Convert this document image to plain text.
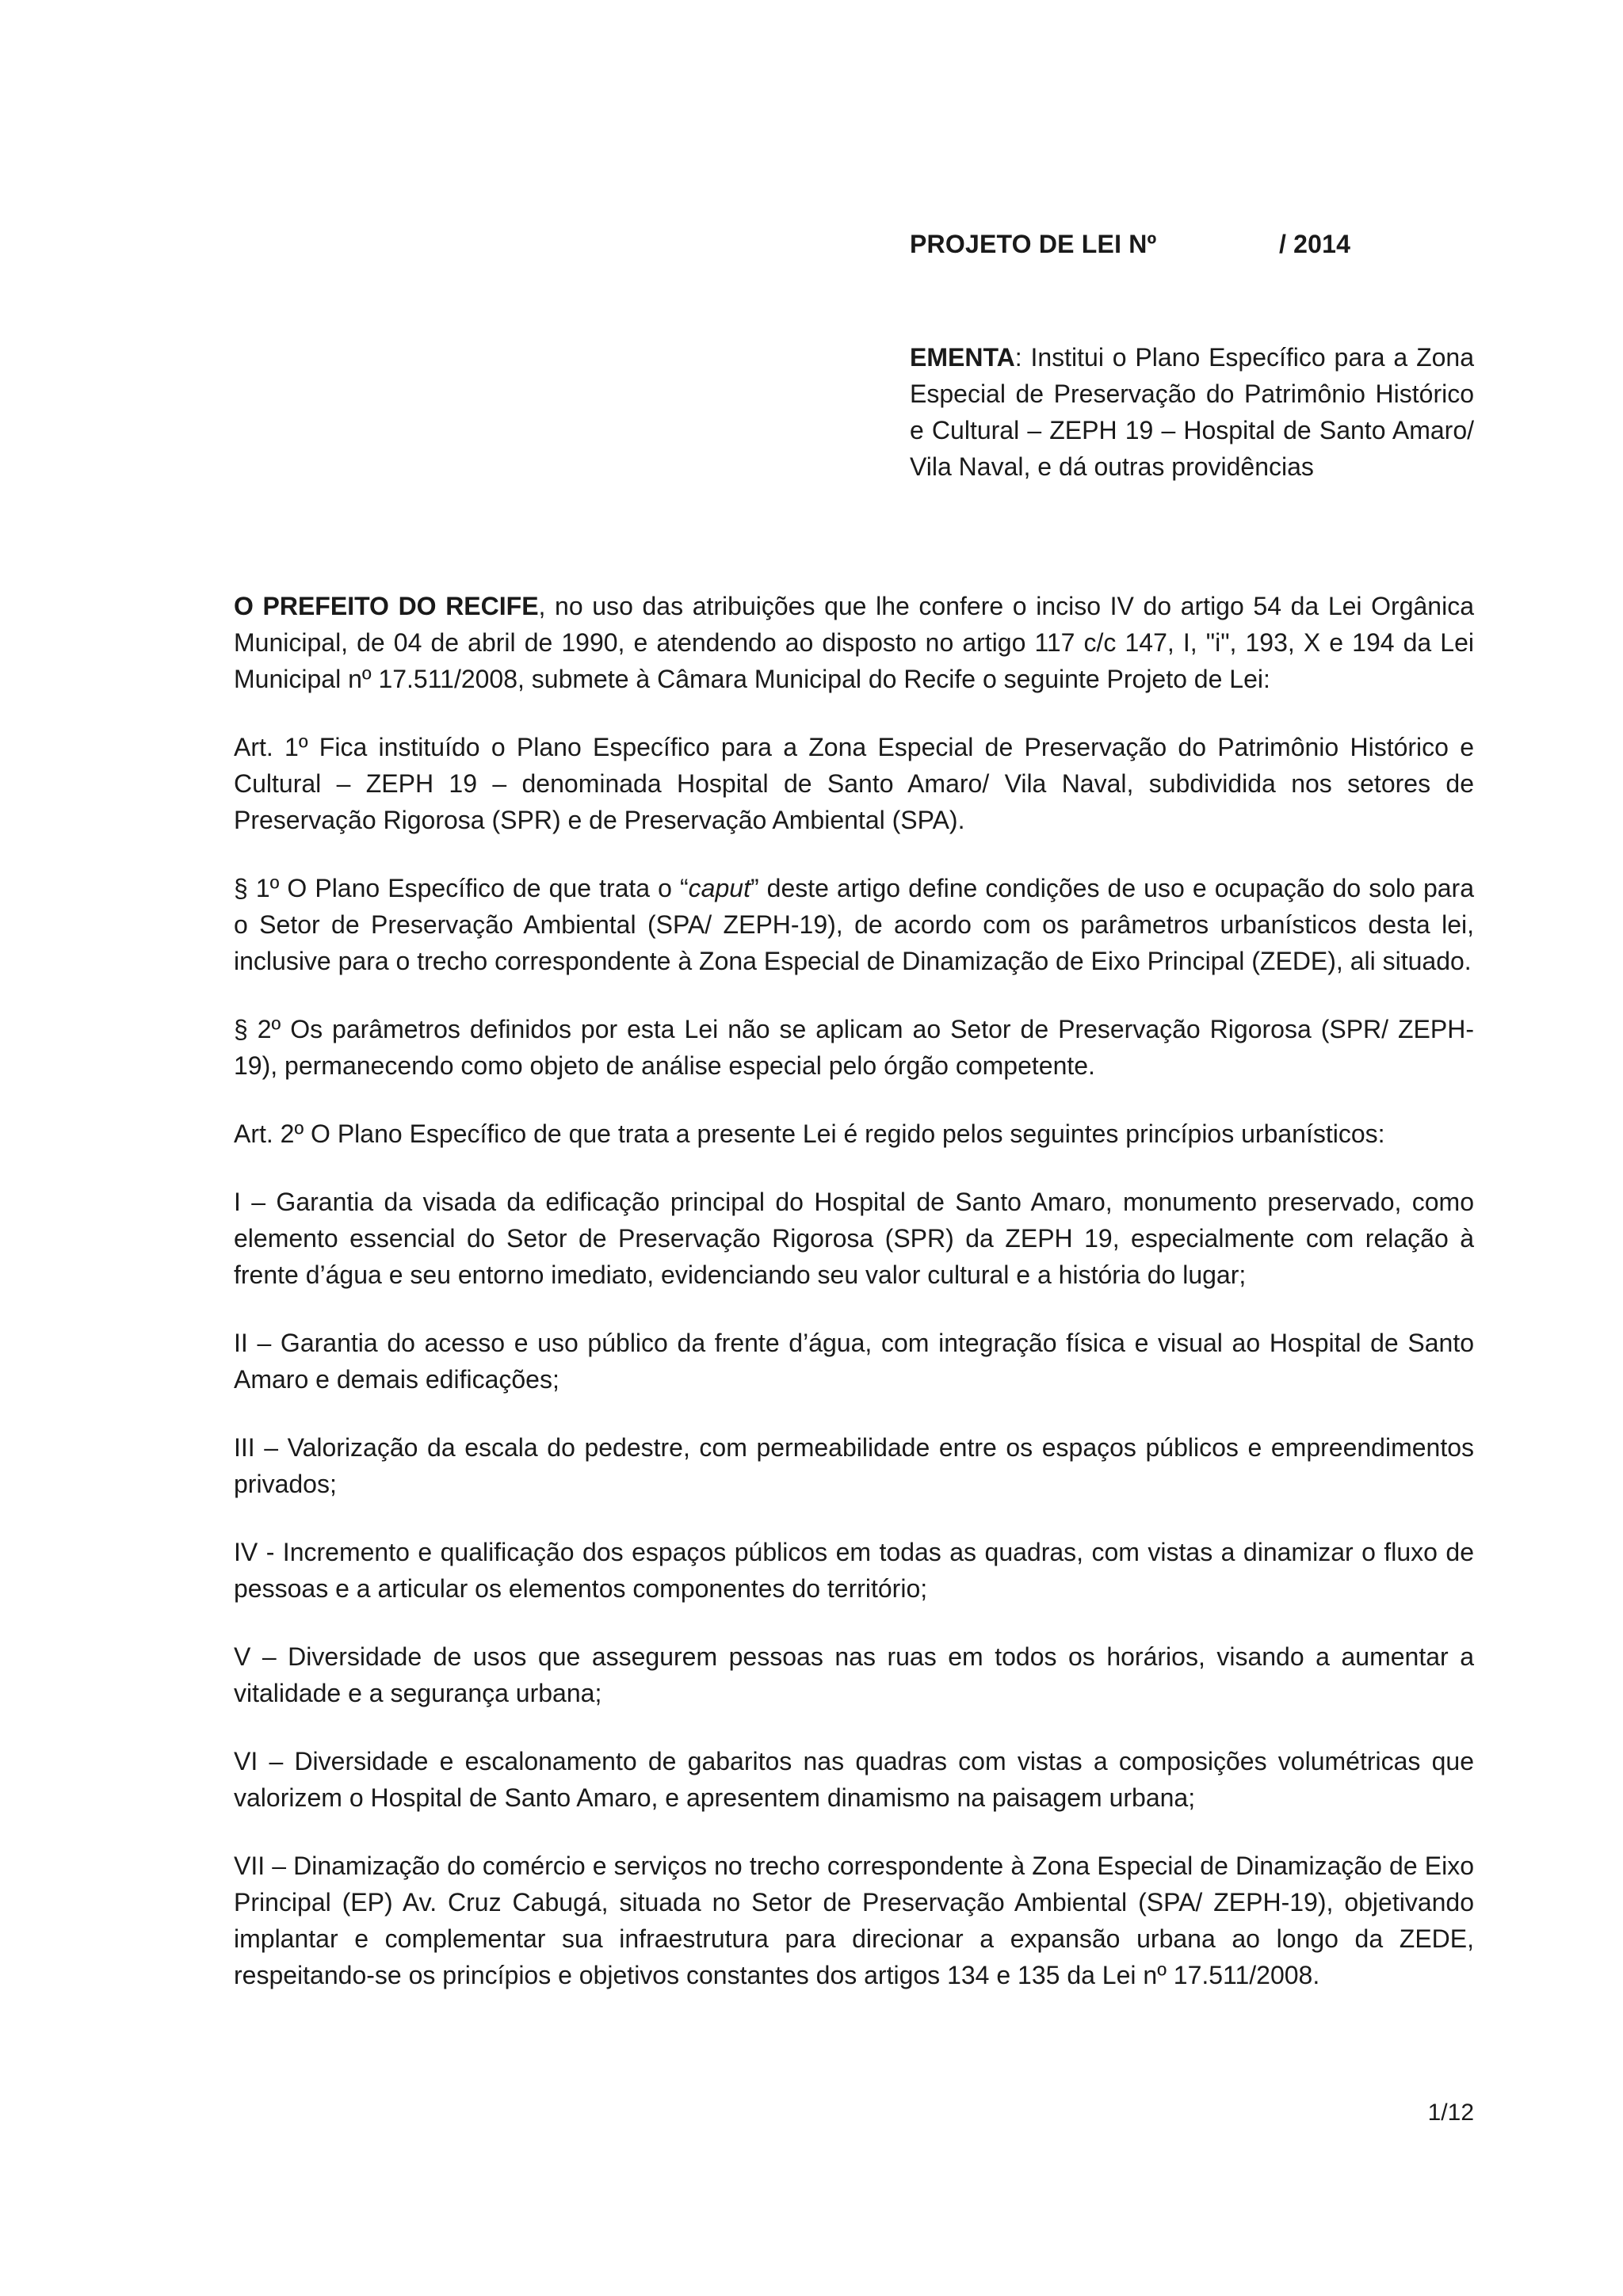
PROJETO DE LEI Nº	/ 2014
EMENTA: Institui o Plano Específico para a Zona Especial de Preservação do Patrimônio Histórico e Cultural – ZEPH 19 – Hospital de Santo Amaro/ Vila Naval, e dá outras providências

O PREFEITO DO RECIFE, no uso das atribuições que lhe confere o inciso IV do artigo 54 da Lei Orgânica Municipal, de 04 de abril de 1990, e atendendo ao disposto no artigo 117 c/c 147, I, "i", 193, X e 194 da Lei Municipal nº 17.511/2008, submete à Câmara Municipal do Recife o seguinte Projeto de Lei:

Art. 1º Fica instituído o Plano Específico para a Zona Especial de Preservação do Patrimônio Histórico e Cultural – ZEPH 19 – denominada Hospital de Santo Amaro/ Vila Naval, subdividida nos setores de Preservação Rigorosa (SPR) e de Preservação Ambiental (SPA).

§ 1º O Plano Específico de que trata o “caput” deste artigo define condições de uso e ocupação do solo para o Setor de Preservação Ambiental (SPA/ ZEPH-19), de acordo com os parâmetros urbanísticos desta lei, inclusive para o trecho correspondente à Zona Especial de Dinamização de Eixo Principal (ZEDE), ali situado.

§ 2º Os parâmetros definidos por esta Lei não se aplicam ao Setor de Preservação Rigorosa (SPR/ ZEPH-19), permanecendo como objeto de análise especial pelo órgão competente.

Art. 2º O Plano Específico de que trata a presente Lei é regido pelos seguintes princípios urbanísticos:

I – Garantia da visada da edificação principal do Hospital de Santo Amaro, monumento preservado, como elemento essencial do Setor de Preservação Rigorosa (SPR) da ZEPH 19, especialmente com relação à frente d’água e seu entorno imediato, evidenciando seu valor cultural e a história do lugar;

II – Garantia do acesso e uso público da frente d’água, com integração física e visual ao Hospital de Santo Amaro e demais edificações;

III – Valorização da escala do pedestre, com permeabilidade entre os espaços públicos e empreendimentos privados;

IV - Incremento e qualificação dos espaços públicos em todas as quadras, com vistas a dinamizar o fluxo de pessoas e a articular os elementos componentes do território;

V – Diversidade de usos que assegurem pessoas nas ruas em todos os horários, visando a aumentar a vitalidade e a segurança urbana;

VI – Diversidade e escalonamento de gabaritos nas quadras com vistas a composições volumétricas que valorizem o Hospital de Santo Amaro, e apresentem dinamismo na paisagem urbana;

VII – Dinamização do comércio e serviços no trecho correspondente à Zona Especial de Dinamização de Eixo Principal (EP) Av. Cruz Cabugá, situada no Setor de Preservação Ambiental (SPA/ ZEPH-19), objetivando implantar e complementar sua infraestrutura para direcionar a expansão urbana ao longo da ZEDE, respeitando-se os princípios e objetivos constantes dos artigos 134 e 135 da Lei nº 17.511/2008.

1/12
